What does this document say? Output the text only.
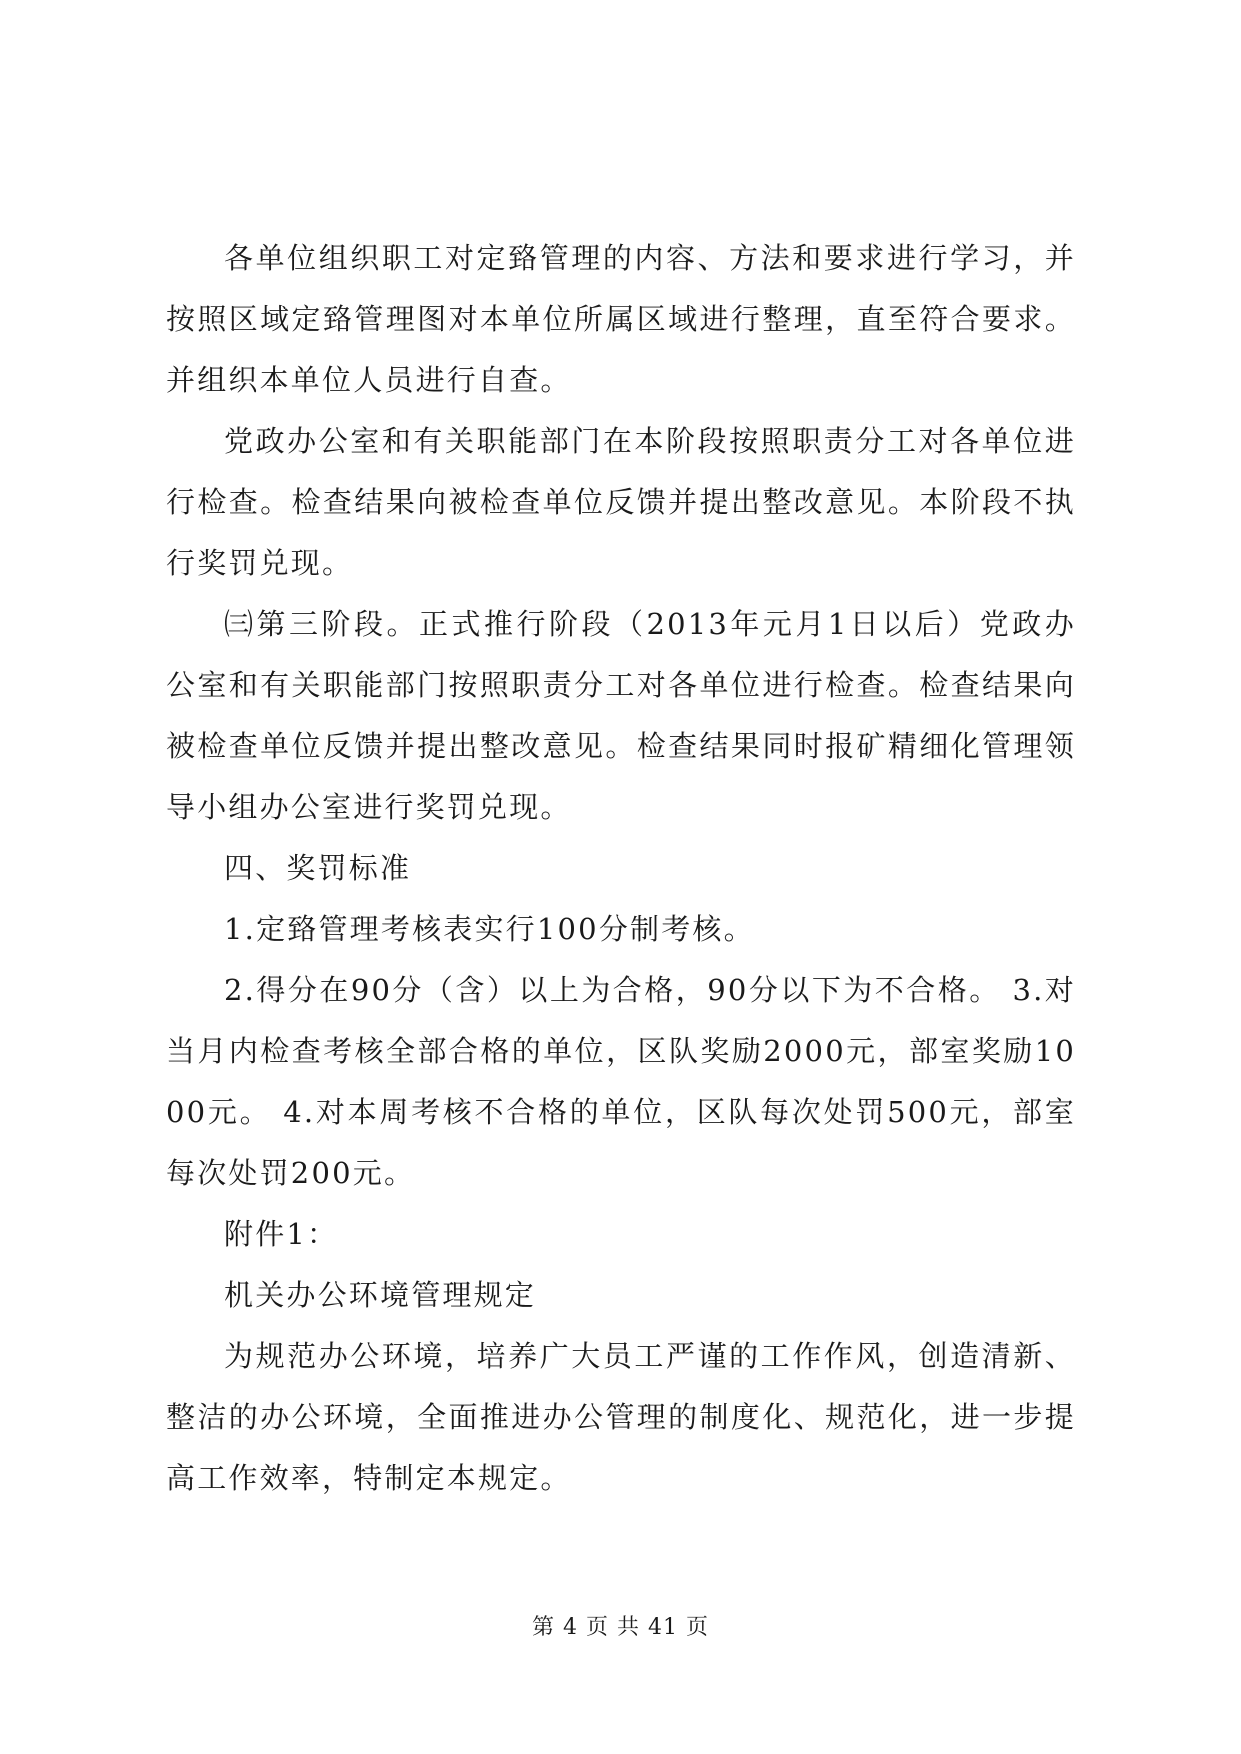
各单位组织职工对定臵管理的内容、方法和要求进行学习，并按照区域定臵管理图对本单位所属区域进行整理，直至符合要求。并组织本单位人员进行自查。

党政办公室和有关职能部门在本阶段按照职责分工对各单位进行检查。检查结果向被检查单位反馈并提出整改意见。本阶段不执行奖罚兑现。

㈢第三阶段。正式推行阶段（2013年元月1日以后）党政办公室和有关职能部门按照职责分工对各单位进行检查。检查结果向被检查单位反馈并提出整改意见。检查结果同时报矿精细化管理领导小组办公室进行奖罚兑现。

四、奖罚标准

1.定臵管理考核表实行100分制考核。

2.得分在90分（含）以上为合格，90分以下为不合格。 3.对当月内检查考核全部合格的单位，区队奖励2000元，部室奖励1000元。 4.对本周考核不合格的单位，区队每次处罚500元，部室每次处罚200元。

附件1：

机关办公环境管理规定

为规范办公环境，培养广大员工严谨的工作作风，创造清新、整洁的办公环境，全面推进办公管理的制度化、规范化，进一步提高工作效率，特制定本规定。

第 4 页 共 41 页
